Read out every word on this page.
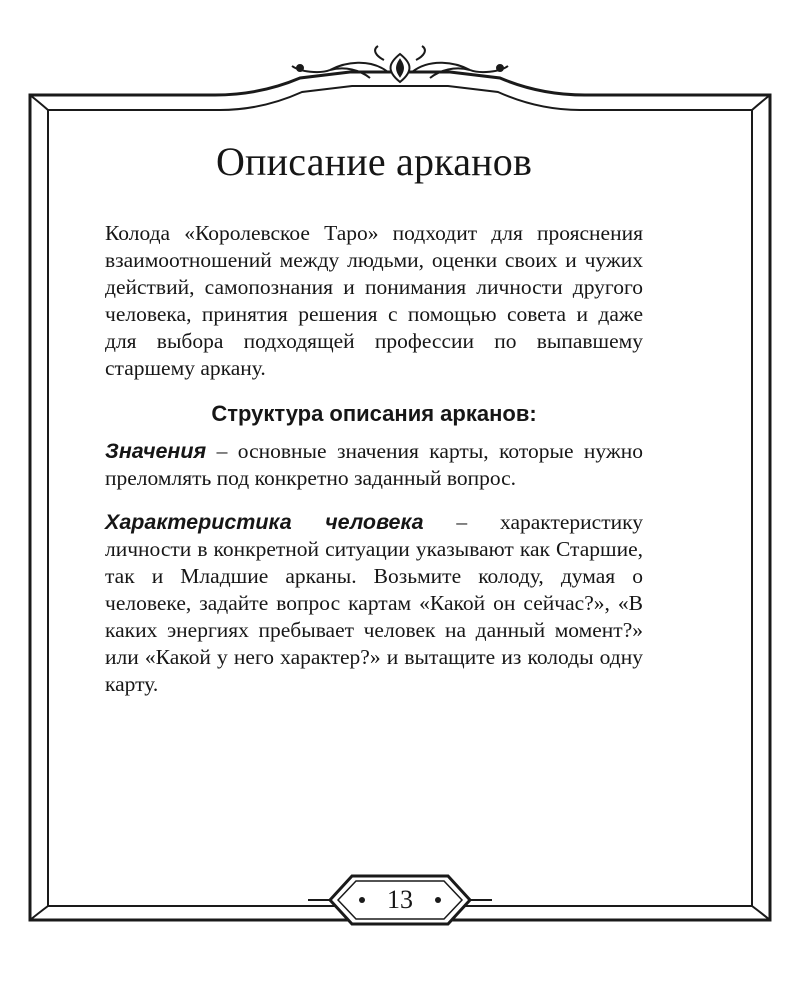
Описание арканов

Колода «Королевское Таро» подходит для прояснения взаимоотношений между людьми, оценки своих и чужих действий, самопознания и понимания личности другого человека, принятия решения с помощью совета и даже для выбора подходящей профессии по выпавшему старшему аркану.

Структура описания арканов:

Значения – основные значения карты, которые нужно преломлять под конкретно заданный вопрос.

Характеристика человека – характеристику личности в конкретной ситуации указывают как Старшие, так и Младшие арканы. Возьмите колоду, думая о человеке, задайте вопрос картам «Какой он сейчас?», «В каких энергиях пребывает человек на данный момент?» или «Какой у него характер?» и вытащите из колоды одну карту.

13
